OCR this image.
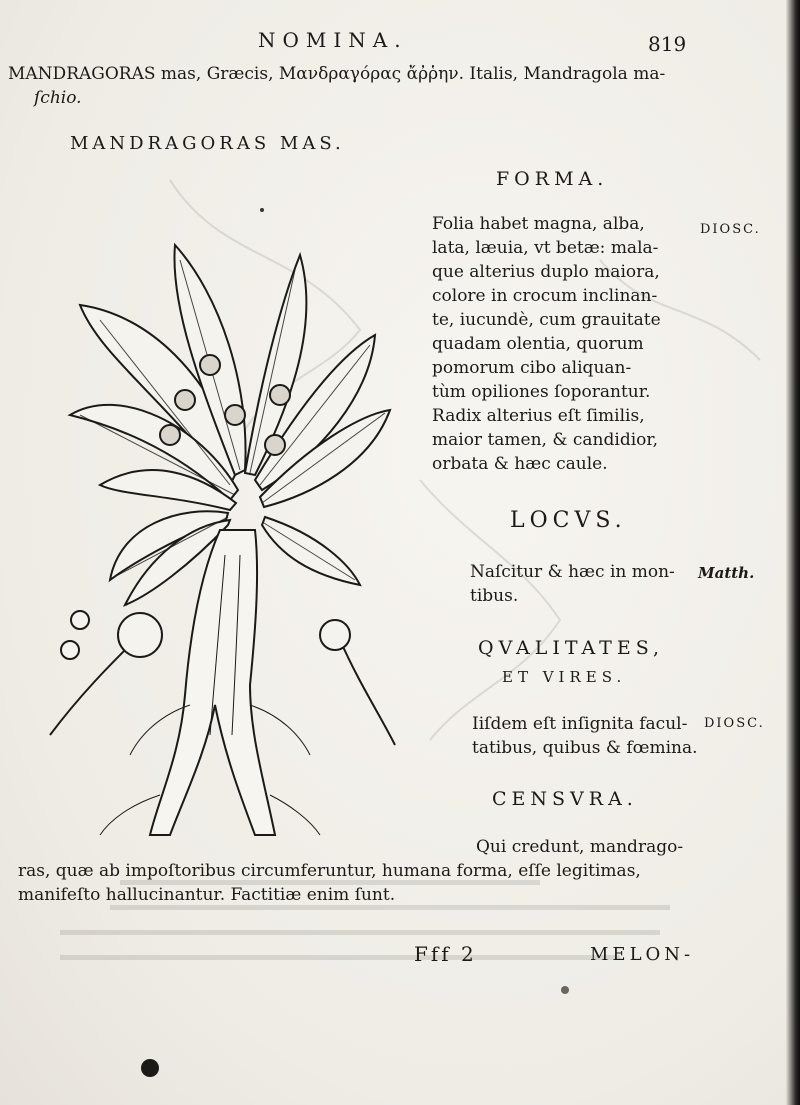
NOMINA.	819
MANDRAGORAS mas, Græcis, Μανδραγόρας ἄῤῥην. Italis, Mandragola ma-
ſchio.
MANDRAGORAS MAS.
FORMA.
Folia habet magna, alba,
lata, læuia, vt betæ: mala-
que alterius duplo maiora,
colore in crocum inclinan-
te, iucundè, cum grauitate
quadam olentia, quorum
pomorum cibo aliquan-
tùm opiliones ſoporantur.
Radix alterius eſt ſimilis,
maior tamen, & candidior,
orbata & hæc caule.
DIOSC.
LOCVS.
Naſcitur & hæc in mon-
tibus.
Matth.
QVALITATES,
ET VIRES.
Iiſdem eſt inſignita facul-
tatibus, quibus & fœmina.
DIOSC.
CENSVRA.
Qui credunt, mandrago-
ras, quæ ab impoſtoribus circumferuntur, humana forma, eſſe legitimas,
manifeſto hallucinantur. Factitiæ enim ſunt.
Fff 2	MELON-
